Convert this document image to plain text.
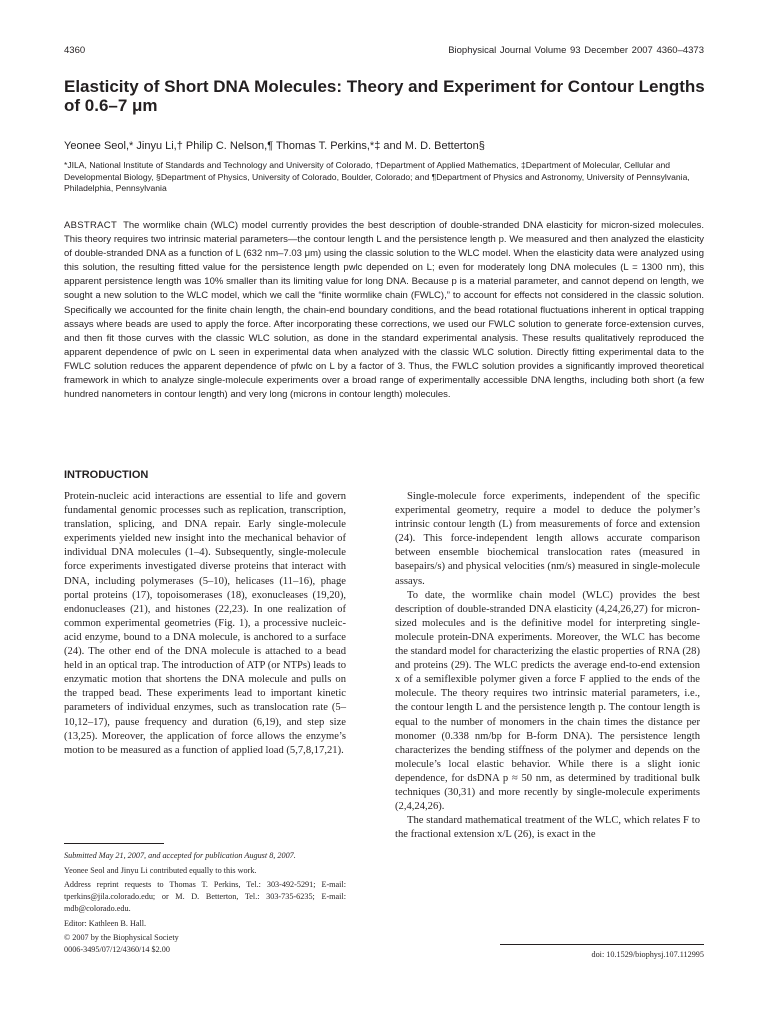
4360	Biophysical Journal Volume 93 December 2007 4360–4373
Elasticity of Short DNA Molecules: Theory and Experiment for Contour Lengths of 0.6–7 μm

Yeonee Seol,* Jinyu Li,† Philip C. Nelson,¶ Thomas T. Perkins,*‡ and M. D. Betterton§

*JILA, National Institute of Standards and Technology and University of Colorado, †Department of Applied Mathematics, ‡Department of Molecular, Cellular and Developmental Biology, §Department of Physics, University of Colorado, Boulder, Colorado; and ¶Department of Physics and Astronomy, University of Pennsylvania, Philadelphia, Pennsylvania

ABSTRACT The wormlike chain (WLC) model currently provides the best description of double-stranded DNA elasticity for micron-sized molecules. This theory requires two intrinsic material parameters—the contour length L and the persistence length p. We measured and then analyzed the elasticity of double-stranded DNA as a function of L (632 nm–7.03 μm) using the classic solution to the WLC model. When the elasticity data were analyzed using this solution, the resulting fitted value for the persistence length pwlc depended on L; even for moderately long DNA molecules (L = 1300 nm), this apparent persistence length was 10% smaller than its limiting value for long DNA. Because p is a material parameter, and cannot depend on length, we sought a new solution to the WLC model, which we call the “finite wormlike chain (FWLC),” to account for effects not considered in the classic solution. Specifically we accounted for the finite chain length, the chain-end boundary conditions, and the bead rotational fluctuations inherent in optical trapping assays where beads are used to apply the force. After incorporating these corrections, we used our FWLC solution to generate force-extension curves, and then fit those curves with the classic WLC solution, as done in the standard experimental analysis. These results qualitatively reproduced the apparent dependence of pwlc on L seen in experimental data when analyzed with the classic WLC solution. Directly fitting experimental data to the FWLC solution reduces the apparent dependence of pfwlc on L by a factor of 3. Thus, the FWLC solution provides a significantly improved theoretical framework in which to analyze single-molecule experiments over a broad range of experimentally accessible DNA lengths, including both short (a few hundred nanometers in contour length) and very long (microns in contour length) molecules.

INTRODUCTION

Protein-nucleic acid interactions are essential to life and govern fundamental genomic processes such as replication, transcription, translation, splicing, and DNA repair. Early single-molecule experiments yielded new insight into the mechanical behavior of individual DNA molecules (1–4). Subsequently, single-molecule force experiments investigated diverse proteins that interact with DNA, including polymerases (5–10), helicases (11–16), phage portal proteins (17), topoisomerases (18), exonucleases (19,20), endonucleases (21), and histones (22,23). In one realization of common experimental geometries (Fig. 1), a processive nucleic-acid enzyme, bound to a DNA molecule, is anchored to a surface (24). The other end of the DNA molecule is attached to a bead held in an optical trap. The introduction of ATP (or NTPs) leads to enzymatic motion that shortens the DNA molecule and pulls on the trapped bead. These experiments lead to important kinetic parameters of individual enzymes, such as translocation rate (5–10,12–17), pause frequency and duration (6,19), and step size (13,25). Moreover, the application of force allows the enzyme’s motion to be measured as a function of applied load (5,7,8,17,21).

Single-molecule force experiments, independent of the specific experimental geometry, require a model to deduce the polymer’s intrinsic contour length (L) from measurements of force and extension (24). This force-independent length allows accurate comparison between ensemble biochemical translocation rates (measured in basepairs/s) and physical velocities (nm/s) measured in single-molecule assays.

To date, the wormlike chain model (WLC) provides the best description of double-stranded DNA elasticity (4,24,26,27) for micron-sized molecules and is the definitive model for interpreting single-molecule protein-DNA experiments. Moreover, the WLC has become the standard model for characterizing the elastic properties of RNA (28) and proteins (29). The WLC predicts the average end-to-end extension x of a semiflexible polymer given a force F applied to the ends of the molecule. The theory requires two intrinsic material parameters, i.e., the contour length L and the persistence length p. The contour length is equal to the number of monomers in the chain times the distance per monomer (0.338 nm/bp for B-form DNA). The persistence length characterizes the bending stiffness of the polymer and depends on the molecule’s local elastic behavior. While there is a slight ionic dependence, for dsDNA p ≈ 50 nm, as determined by traditional bulk techniques (30,31) and more recently by single-molecule experiments (2,4,24,26).

The standard mathematical treatment of the WLC, which relates F to the fractional extension x/L (26), is exact in the

Submitted May 21, 2007, and accepted for publication August 8, 2007.

Yeonee Seol and Jinyu Li contributed equally to this work.

Address reprint requests to Thomas T. Perkins, Tel.: 303-492-5291; E-mail: tperkins@jila.colorado.edu; or M. D. Betterton, Tel.: 303-735-6235; E-mail: mdb@colorado.edu.

Editor: Kathleen B. Hall.

© 2007 by the Biophysical Society

0006-3495/07/12/4360/14 $2.00

doi: 10.1529/biophysj.107.112995
